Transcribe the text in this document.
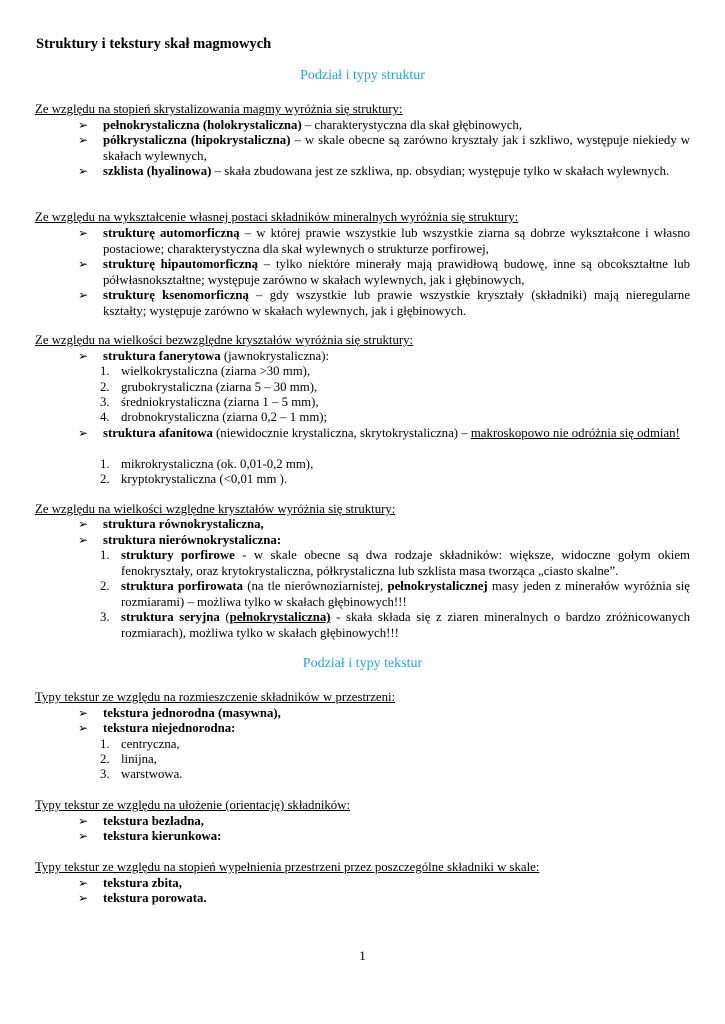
Struktury i tekstury skał magmowych
Podział i typy struktur
Ze względu na stopień skrystalizowania magmy wyróżnia się struktury:
➢ pełnokrystaliczna (holokrystaliczna) – charakterystyczna dla skał głębinowych,
➢ półkrystaliczna (hipokrystaliczna) – w skale obecne są zarówno kryształy jak i szkliwo, występuje niekiedy w skałach wylewnych,
➢ szklista (hyalinowa) – skała zbudowana jest ze szkliwa, np. obsydian; występuje tylko w skałach wylewnych.
Ze względu na wykształcenie własnej postaci składników mineralnych wyróżnia się struktury:
➢ strukturę automorficzną – w której prawie wszystkie lub wszystkie ziarna są dobrze wykształcone i własno postaciowe; charakterystyczna dla skał wylewnych o strukturze porfirowej,
➢ strukturę hipautomorficzną – tylko niektóre minerały mają prawidłową budowę, inne są obcokształtne lub półwłasnokształtne; występuje zarówno w skałach wylewnych, jak i głębinowych,
➢ strukturę ksenomorficzną – gdy wszystkie lub prawie wszystkie kryształy (składniki) mają nieregularne kształty; występuje zarówno w skałach wylewnych, jak i głębinowych.
Ze względu na wielkości bezwzględne kryształów wyróżnia się struktury:
➢ struktura fanerytowa (jawnokrystaliczna):
1. wielkokrystaliczna (ziarna >30 mm),
2. grubokrystaliczna (ziarna 5 – 30 mm),
3. średniokrystaliczna (ziarna 1 – 5 mm),
4. drobnokrystaliczna (ziarna 0,2 – 1 mm);
➢ struktura afanitowa (niewidocznie krystaliczna, skrytokrystaliczna) – makroskopowo nie odróżnia się odmian!
1. mikrokrystaliczna (ok. 0,01-0,2 mm),
2. kryptokrystaliczna (<0,01 mm ).
Ze względu na wielkości względne kryształów wyróżnia się struktury:
➢ struktura równokrystaliczna,
➢ struktura nierównokrystaliczna:
1. struktury porfirowe - w skale obecne są dwa rodzaje składników: większe, widoczne gołym okiem fenokryształy, oraz krytokrystaliczna, półkrystaliczna lub szklista masa tworząca „ciasto skalne”.
2. struktura porfirowata (na tle nierównoziarnistej, pełnokrystalicznej masy jeden z minerałów wyróżnia się rozmiarami) – możliwa tylko w skałach głębinowych!!!
3. struktura seryjna (pełnokrystaliczna) - skała składa się z ziaren mineralnych o bardzo zróżnicowanych rozmiarach), możliwa tylko w skałach głębinowych!!!
Podział i typy tekstur
Typy tekstur ze względu na rozmieszczenie składników w przestrzeni:
➢ tekstura jednorodna (masywna),
➢ tekstura niejednorodna:
1. centryczna,
2. linijna,
3. warstwowa.
Typy tekstur ze względu na ułożenie (orientację) składników:
➢ tekstura bezładna,
➢ tekstura kierunkowa:
Typy tekstur ze względu na stopień wypełnienia przestrzeni przez poszczególne składniki w skale:
➢ tekstura zbita,
➢ tekstura porowata.
1
